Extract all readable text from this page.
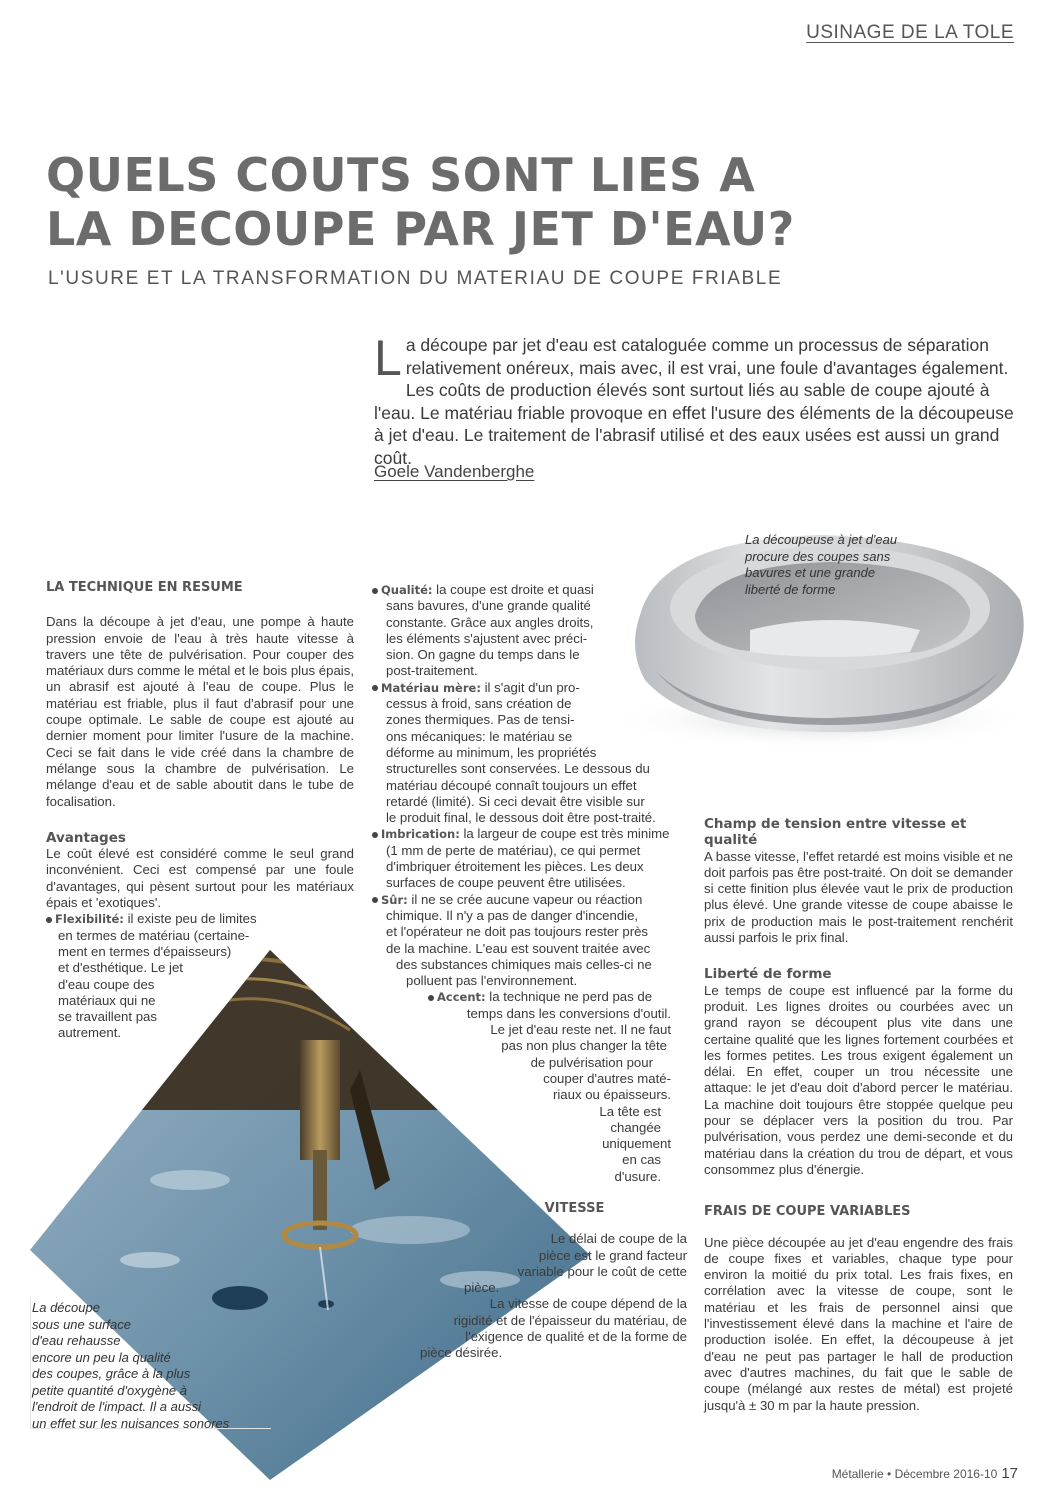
USINAGE DE LA TOLE
QUELS COUTS SONT LIES A
LA DECOUPE PAR JET D'EAU?
L'USURE ET LA TRANSFORMATION DU MATERIAU DE COUPE FRIABLE
La découpe par jet d'eau est cataloguée comme un processus de séparation relativement onéreux, mais avec, il est vrai, une foule d'avantages également. Les coûts de production élevés sont surtout liés au sable de coupe ajouté à l'eau. Le matériau friable provoque en effet l'usure des éléments de la découpeuse à jet d'eau. Le traitement de l'abrasif utilisé et des eaux usées est aussi un grand coût.
Goele Vandenberghe
La découpeuse à jet d'eau procure des coupes sans bavures et une grande liberté de forme

LA TECHNIQUE EN RESUME

Dans la découpe à jet d'eau, une pompe à haute pression envoie de l'eau à très haute vitesse à travers une tête de pulvérisation. Pour couper des matériaux durs comme le métal et le bois plus épais, un abrasif est ajouté à l'eau de coupe. Plus le matériau est friable, plus il faut d'abrasif pour une coupe optimale. Le sable de coupe est ajouté au dernier moment pour limiter l'usure de la machine. Ceci se fait dans le vide créé dans la chambre de mélange sous la chambre de pulvérisation. Le mélange d'eau et de sable aboutit dans le tube de focalisation.

Avantages

Le coût élevé est considéré comme le seul grand inconvénient. Ceci est compensé par une foule d'avantages, qui pèsent surtout pour les matériaux épais et 'exotiques'.

Flexibilité: il existe peu de limites

en termes de matériau (certaine-
ment en termes d'épaisseurs)
et d'esthétique. Le jet
d'eau coupe des
matériaux qui ne
se travaillent pas
autrement.
La découpe
sous une surface
d'eau rehausse
encore un peu la qualité
des coupes, grâce à la plus
petite quantité d'oxygène à
l'endroit de l'impact. Il a aussi
un effet sur les nuisances sonores

Qualité: la coupe est droite et quasi

sans bavures, d'une grande qualité
constante. Grâce aux angles droits,
les éléments s'ajustent avec préci-
sion. On gagne du temps dans le
post-traitement.

Matériau mère: il s'agit d'un pro-

cessus à froid, sans création de
zones thermiques. Pas de tensi-
ons mécaniques: le matériau se
déforme au minimum, les propriétés
structurelles sont conservées. Le dessous du
matériau découpé connaît toujours un effet
retardé (limité). Si ceci devait être visible sur
le produit final, le dessous doit être post-traité.

Imbrication: la largeur de coupe est très minime

(1 mm de perte de matériau), ce qui permet
d'imbriquer étroitement les pièces. Les deux
surfaces de coupe peuvent être utilisées.

Sûr: il ne se crée aucune vapeur ou réaction

chimique. Il n'y a pas de danger d'incendie,
et l'opérateur ne doit pas toujours rester près
de la machine. L'eau est souvent traitée avec
des substances chimiques mais celles-ci ne
polluent pas l'environnement.

Accent: la technique ne perd pas de

temps dans les conversions d'outil.
Le jet d'eau reste net. Il ne faut
pas non plus changer la tête
de pulvérisation pour
couper d'autres maté-
riaux ou épaisseurs.
La tête est
changée
uniquement
en cas
d'usure.

VITESSE

Le délai de coupe de la
pièce est le grand facteur
variable pour le coût de cette
pièce.
La vitesse de coupe dépend de la
rigidité et de l'épaisseur du matériau, de
l'exigence de qualité et de la forme de
pièce désirée.

Champ de tension entre vitesse et qualité

A basse vitesse, l'effet retardé est moins visible et ne doit parfois pas être post-traité. On doit se demander si cette finition plus élevée vaut le prix de production plus élevé. Une grande vitesse de coupe abaisse le prix de production mais le post-traitement renchérit aussi parfois le prix final.

Liberté de forme

Le temps de coupe est influencé par la forme du produit. Les lignes droites ou courbées avec un grand rayon se découpent plus vite dans une certaine qualité que les lignes fortement courbées et les formes petites. Les trous exigent également un délai. En effet, couper un trou nécessite une attaque: le jet d'eau doit d'abord percer le matériau. La machine doit toujours être stoppée quelque peu pour se déplacer vers la position du trou. Par pulvérisation, vous perdez une demi-seconde et du matériau dans la création du trou de départ, et vous consommez plus d'énergie.

FRAIS DE COUPE VARIABLES

Une pièce découpée au jet d'eau engendre des frais de coupe fixes et variables, chaque type pour environ la moitié du prix total. Les frais fixes, en corrélation avec la vitesse de coupe, sont le matériau et les frais de personnel ainsi que l'investissement élevé dans la machine et l'aire de production isolée. En effet, la découpeuse à jet d'eau ne peut pas partager le hall de production avec d'autres machines, du fait que le sable de coupe (mélangé aux restes de métal) est projeté jusqu'à ± 30 m par la haute pression.

Métallerie • Décembre 2016-10 17
